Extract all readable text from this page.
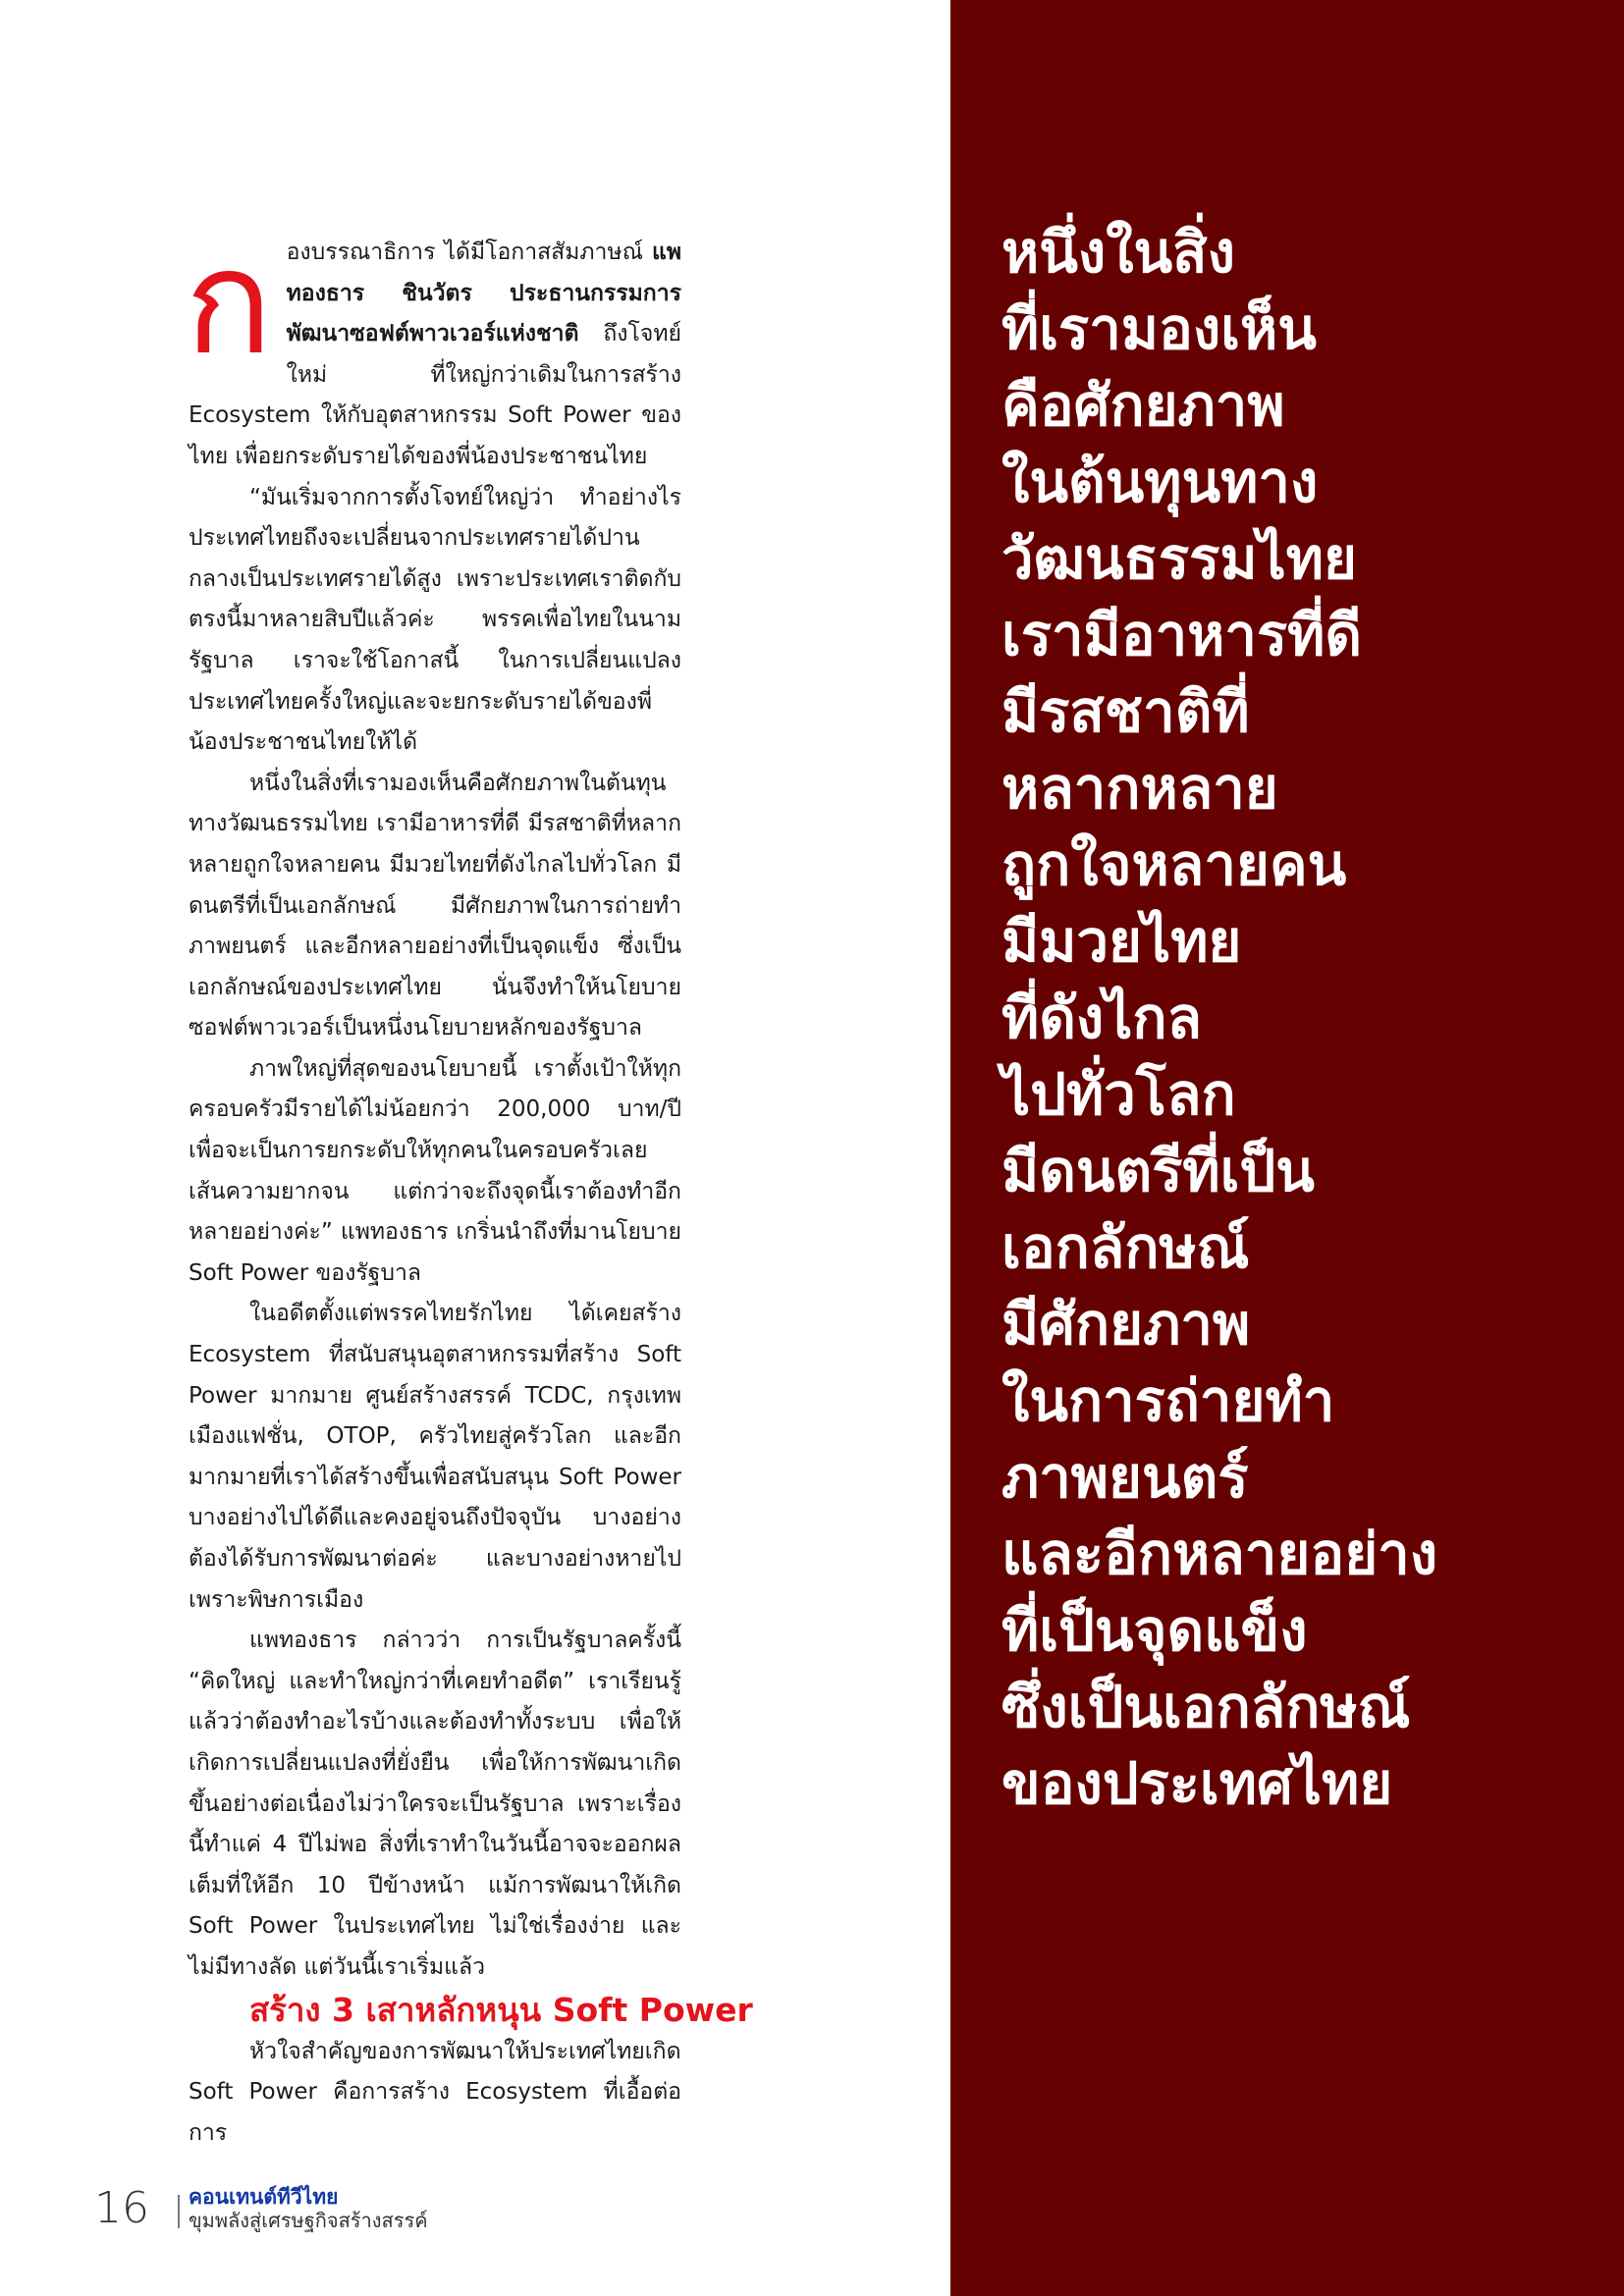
หนึ่งในสิ่ง
ที่เรามองเห็น
คือศักยภาพ
ในต้นทุนทาง
วัฒนธรรมไทย
เรามีอาหารที่ดี
มีรสชาติที่
หลากหลาย
ถูกใจหลายคน
มีมวยไทย
ที่ดังไกล
ไปทั่วโลก
มีดนตรีที่เป็น
เอกลักษณ์
มีศักยภาพ
ในการถ่ายทำ
ภาพยนตร์
และอีกหลายอย่าง
ที่เป็นจุดแข็ง
ซึ่งเป็นเอกลักษณ์
ของประเทศไทย

กองบรรณาธิการ ได้มีโอกาสสัมภาษณ์ แพทองธาร ชินวัตร ประธานกรรมการพัฒนาซอฟต์พาวเวอร์แห่งชาติ ถึงโจทย์ใหม่ ที่ใหญ่กว่าเดิมในการสร้าง Ecosystem ให้กับอุตสาหกรรม Soft Power ของไทย เพื่อยกระดับรายได้ของพี่น้องประชาชนไทย

“มันเริ่มจากการตั้งโจทย์ใหญ่ว่า ทำอย่างไรประเทศไทยถึงจะเปลี่ยนจากประเทศรายได้ปานกลางเป็นประเทศรายได้สูง เพราะประเทศเราติดกับตรงนี้มาหลายสิบปีแล้วค่ะ พรรคเพื่อไทยในนามรัฐบาล เราจะใช้โอกาสนี้ ในการเปลี่ยนแปลงประเทศไทยครั้งใหญ่และจะยกระดับรายได้ของพี่น้องประชาชนไทยให้ได้

หนึ่งในสิ่งที่เรามองเห็นคือศักยภาพในต้นทุนทางวัฒนธรรมไทย เรามีอาหารที่ดี มีรสชาติที่หลากหลายถูกใจหลายคน มีมวยไทยที่ดังไกลไปทั่วโลก มีดนตรีที่เป็นเอกลักษณ์ มีศักยภาพในการถ่ายทำภาพยนตร์ และอีกหลายอย่างที่เป็นจุดแข็ง ซึ่งเป็นเอกลักษณ์ของประเทศไทย นั่นจึงทำให้นโยบายซอฟต์พาวเวอร์เป็นหนึ่งนโยบายหลักของรัฐบาล

ภาพใหญ่ที่สุดของนโยบายนี้ เราตั้งเป้าให้ทุกครอบครัวมีรายได้ไม่น้อยกว่า 200,000 บาท/ปี เพื่อจะเป็นการยกระดับให้ทุกคนในครอบครัวเลยเส้นความยากจน แต่กว่าจะถึงจุดนี้เราต้องทำอีกหลายอย่างค่ะ” แพทองธาร เกริ่นนำถึงที่มานโยบาย Soft Power ของรัฐบาล

ในอดีตตั้งแต่พรรคไทยรักไทย ได้เคยสร้าง Ecosystem ที่สนับสนุนอุตสาหกรรมที่สร้าง Soft Power มากมาย ศูนย์สร้างสรรค์ TCDC, กรุงเทพเมืองแฟชั่น, OTOP, ครัวไทยสู่ครัวโลก และอีกมากมายที่เราได้สร้างขึ้นเพื่อสนับสนุน Soft Power บางอย่างไปได้ดีและคงอยู่จนถึงปัจจุบัน บางอย่างต้องได้รับการพัฒนาต่อค่ะ และบางอย่างหายไปเพราะพิษการเมือง

แพทองธาร กล่าวว่า การเป็นรัฐบาลครั้งนี้ “คิดใหญ่ และทำใหญ่กว่าที่เคยทำอดีต” เราเรียนรู้แล้วว่าต้องทำอะไรบ้างและต้องทำทั้งระบบ เพื่อให้เกิดการเปลี่ยนแปลงที่ยั่งยืน เพื่อให้การพัฒนาเกิดขึ้นอย่างต่อเนื่องไม่ว่าใครจะเป็นรัฐบาล เพราะเรื่องนี้ทำแค่ 4 ปีไม่พอ สิ่งที่เราทำในวันนี้อาจจะออกผลเต็มที่ให้อีก 10 ปีข้างหน้า แม้การพัฒนาให้เกิด Soft Power ในประเทศไทย ไม่ใช่เรื่องง่าย และไม่มีทางลัด แต่วันนี้เราเริ่มแล้ว

สร้าง 3 เสาหลักหนุน Soft Power

หัวใจสำคัญของการพัฒนาให้ประเทศไทยเกิด Soft Power คือการสร้าง Ecosystem ที่เอื้อต่อการ

16 คอนเทนต์ทีวีไทย
ขุมพลังสู่เศรษฐกิจสร้างสรรค์
